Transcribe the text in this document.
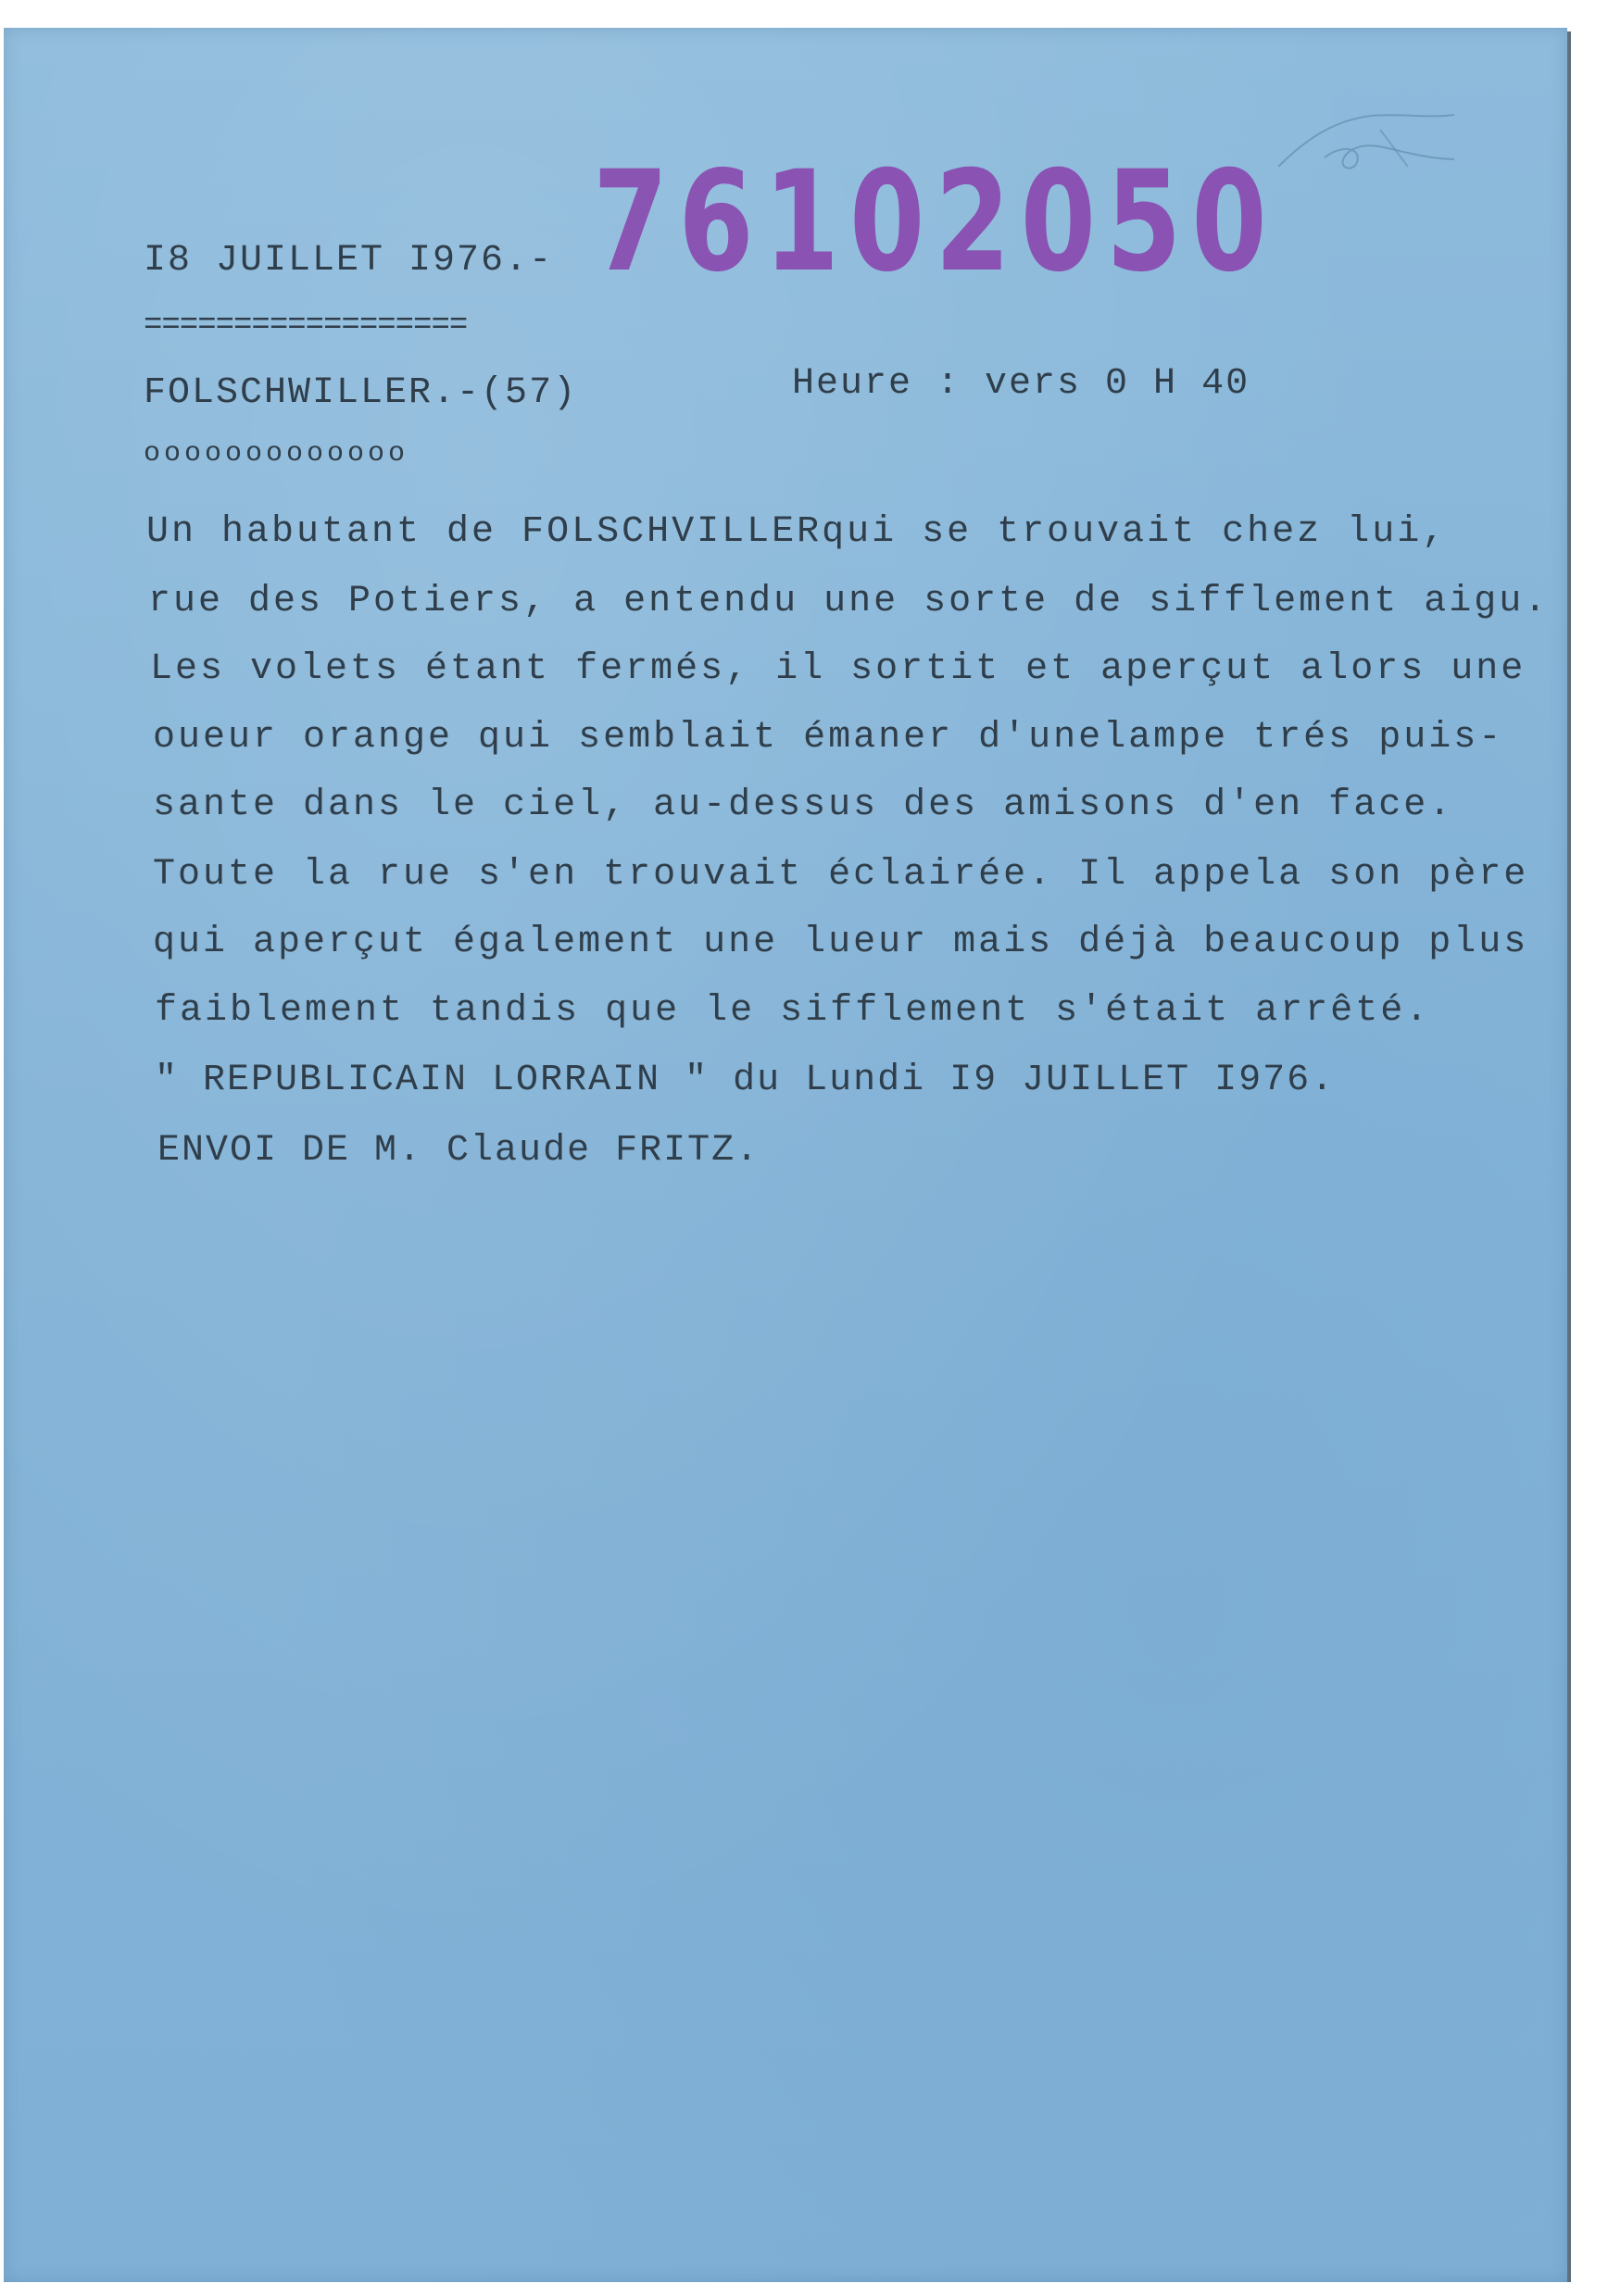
76102050
I8 JUILLET I976.-
==================
FOLSCHWILLER.-(57)	Heure : vers 0 H 40
ooooooooooooo
Un habutant de FOLSCHVILLERqui se trouvait chez lui,
rue des Potiers, a entendu une sorte de sifflement aigu.
Les volets étant fermés, il sortit et aperçut alors une
oueur orange qui semblait émaner d'unelampe trés puis-
sante dans le ciel, au-dessus des amisons d'en face.
Toute la rue s'en trouvait éclairée. Il appela son père
qui aperçut également une lueur mais déjà beaucoup plus
faiblement tandis que le sifflement s'était arrêté.
" REPUBLICAIN LORRAIN " du Lundi I9 JUILLET I976.
ENVOI DE M. Claude FRITZ.
